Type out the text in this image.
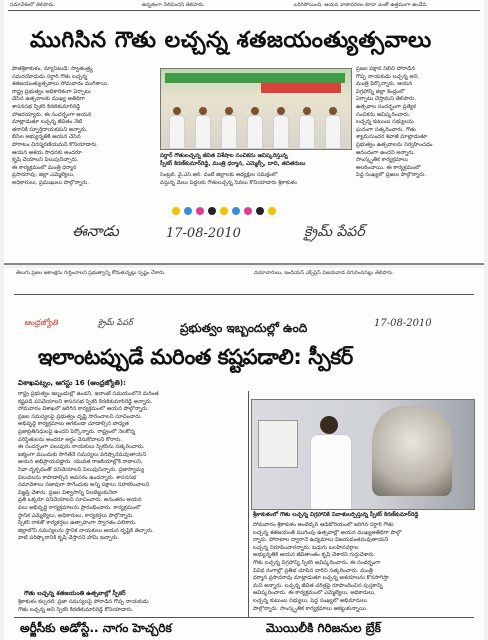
సమావేశంలో తెలిపారు.	ఉన్నతంగా నిలిచిందని తెలిపారు.	ఒరిగిపోయింది. ఆయన వాతావరణం కూడా ఎంతో ఉత్తమంగా ఉండేది.
ముగిసిన గౌతు లచ్చన్న శతజయంత్యుత్సవాలు
పాతశ్రీకాకుళం, న్యూస్‌టుడే: స్వాతంత్ర్య
సమరయోధుడు సర్దార్ గౌతు లచ్చన్న
శతజయంత్యుత్సవాలు సోమవారం ముగిశాయి.
రాష్ట్ర ప్రభుత్వం అధికారికంగా ఏర్పాటు
చేసిన ఉత్సవాలకు ముఖ్య అతిథిగా
శాసనసభ స్పీకర్ కిరణ్‌కుమార్‌రెడ్డి
హాజరయ్యారు. ఈ సందర్భంగా ఆయన
మాట్లాడుతూ లచ్చన్న జీవితం నేటి
తరానికి స్ఫూర్తిదాయకమని అన్నారు.
బీసీల అభ్యున్నతికి ఆయన చేసిన
పోరాటం చిరస్మరణీయమని కొనియాడారు.
ఆయన ఆశయ సాధనకు అందరూ
కృషి చేయాలని పిలుపునిచ్చారు.
ఈ కార్యక్రమంలో మంత్రి ధర్మాన
ప్రసాదరావు, జిల్లా ఎమ్మెల్యేలు,
అధికారులు, ప్రముఖులు పాల్గొన్నారు.
ప్రజల పక్షాన నిలిచి పోరాడిన
గొప్ప నాయకుడు లచ్చన్న అని
మంత్రి పేర్కొన్నారు. ఆయన
విగ్రహాన్ని జిల్లా కేంద్రంలో
ఏర్పాటు చేస్తామని తెలిపారు.
ఉత్సవాల సందర్భంగా ప్రత్యేక
సంచికను ఆవిష్కరించారు.
లచ్చన్న కుటుంబ సభ్యులను
ఘనంగా సత్కరించారు. గౌతు
శ్యామసుందర శివాజీ మాట్లాడుతూ
ప్రభుత్వం ఉత్సవాలను నిర్వహించడం
ఆనందంగా ఉందని అన్నారు.
సాంస్కృతిక కార్యక్రమాలు
అలరించాయి. ఈ కార్యక్రమంలో
పెద్ద సంఖ్యలో ప్రజలు పాల్గొన్నారు.
సర్దార్ గౌతులచ్చన్న జీవిత విశేషాల సంచికను ఆవిష్కరిస్తున్న
స్పీకర్ కిరణ్‌కుమార్‌రెడ్డి, మంత్రి ధర్మాన, ఎమ్మెల్సీ, దాది, తదితరులు
సెంట్రల్, వై.ఎస్.ఆర్. వంటి జిల్లాలకు అధ్యక్షుల సమక్షంలో
వస్తున్న మేలు పెద్దలకు గౌతులచ్చన్న సేవలు కొనియాడారు శ్రీకాకుళం
ఈనాడు	17-08-2010	క్రైమ్ పేపర్
తెలుగు ప్రజల ఆకాంక్షను గుర్తించాలని ప్రభుత్వాన్ని కోరుతున్నట్లు స్పష్టం చేశారు.	దయాచారులు, ఇండియన్ ఎక్స్‌ప్రెస్ విజయవాడ చిగురించినట్లు తెలిపారు.
ఆంధ్రజ్యోతి	క్రైమ్ పేపర్	ప్రభుత్వం ఇబ్బందుల్లో ఉంది	17-08-2010
ఇలాంటప్పుడే మరింత కష్టపడాలి: స్పీకర్
విశాఖపట్నం, ఆగస్టు 16 (ఆంధ్రజ్యోతి):
రాష్ట్ర ప్రభుత్వం ఇబ్బందుల్లో ఉందని, ఇలాంటి సమయంలోనే మరింత
కష్టపడి పనిచేయాలని శాసనసభ స్పీకర్ కిరణ్‌కుమార్‌రెడ్డి అన్నారు.
సోమవారం విశాఖలో జరిగిన కార్యక్రమంలో ఆయన పాల్గొన్నారు.
ప్రజల సమస్యలపై ప్రభుత్వం దృష్టి సారించాలని సూచించారు.
అభివృద్ధి కార్యక్రమాలు ఆగకుండా చూడాల్సిన బాధ్యత
ప్రజాప్రతినిధులపై ఉందని పేర్కొన్నారు. రాష్ట్రంలో నెలకొన్న
పరిస్థితులను అందరూ అర్థం చేసుకోవాలని కోరారు.
ఈ సందర్భంగా పలువురు నాయకులు స్పీకర్‌ను సత్కరించారు.
ఐక్యంగా ముందుకు సాగితేనే సమస్యలు పరిష్కారమవుతాయని
ఆయన అభిప్రాయపడ్డారు. యువత రాజకీయాల్లోకి రావాలని,
సేవా దృక్పథంతో పనిచేయాలని పిలుపునిచ్చారు. ప్రజాస్వామ్య
విలువలను కాపాడాల్సిన అవసరం ఉందన్నారు. శాసనసభ
సమావేశాలు సజావుగా సాగేందుకు అన్ని పక్షాలు సహకరించాలని
విజ్ఞప్తి చేశారు. ప్రజల విశ్వాసాన్ని నిలబెట్టుకునేలా
ప్రతి ఒక్కరూ పనిచేయాలని సూచించారు. అనంతరం ఆయన
పలు అభివృద్ధి కార్యక్రమాలను ప్రారంభించారు. కార్యక్రమంలో
స్థానిక ఎమ్మెల్యేలు, అధికారులు, కార్యకర్తలు పాల్గొన్నారు.
స్పీకర్ రాకతో కార్యకర్తలు ఉత్సాహంగా స్వాగతం పలికారు.
జిల్లాలోని సమస్యలను స్థానిక నాయకులు ఆయన దృష్టికి తెచ్చారు.
వాటి పరిష్కారానికి కృషి చేస్తానని హామీ ఇచ్చారు.
గౌతు లచ్చన్న శతజయంతి ఉత్సవాల్లో స్పీకర్
శ్రీకాకుళం కల్చరల్: ప్రజా సమస్యలపై పోరాడిన గొప్ప నాయకుడు
గౌతు లచ్చన్న అని స్పీకర్ కిరణ్‌కుమార్‌రెడ్డి కొనియాడారు.
శ్రీకాకుళంలో గౌతు లచ్చన్న విగ్రహానికి నివాళులర్పిస్తున్న స్పీకర్ కిరణ్‌కుమార్‌రెడ్డి
సోమవారం శ్రీకాకుళం అంబేద్కర్ ఆడిటోరియంలో జరిగిన సర్దార్ గౌతు
లచ్చన్న శతజయంతి ముగింపు ఉత్సవాల్లో ఆయన ముఖ్యఅతిథిగా పాల్గొ
న్నారు. పోరాటాల ద్వారానే ఉద్యమాలు విజయవంతమవుతాయని
లచ్చన్న నిరూపించారన్నారు. బడుగు బలహీనవర్గాల
అభ్యున్నతికి ఆయన జీవితాంతం కృషి చేశారని గుర్తుచేశారు.
గౌతు లచ్చన్న విగ్రహాన్ని స్పీకర్ ఆవిష్కరించారు. ఈ సందర్భంగా
వివిధ రంగాల్లో ప్రతిభ చూపిన వారిని సత్కరించారు. మంత్రి
ధర్మాన ప్రసాదరావు మాట్లాడుతూ లచ్చన్న ఆశయాలను కొనసాగిస్తా
మని అన్నారు. లచ్చన్న జీవిత చరిత్రపై రూపొందించిన పుస్తకాన్ని
ఆవిష్కరించారు. ఈ కార్యక్రమంలో ఎమ్మెల్యేలు, అధికారులు,
లచ్చన్న కుటుంబ సభ్యులు, పెద్ద సంఖ్యలో అభిమానులు
పాల్గొన్నారు. సాంస్కృతిక కార్యక్రమాలు ఆకట్టుకున్నాయి.
అర్జీసీకు అడోస్టే.. నాగం హెచ్చరిక	మొయిలీకి గిరిజనుల బ్రేక్
